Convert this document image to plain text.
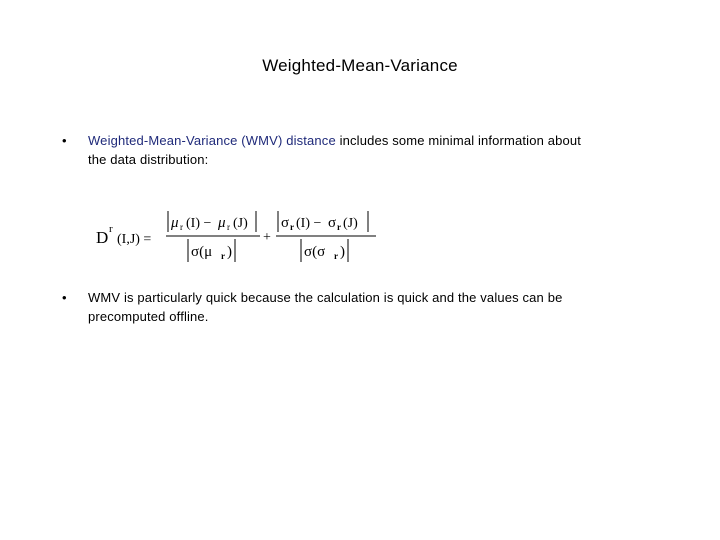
Weighted-Mean-Variance
• Weighted-Mean-Variance (WMV) distance includes some minimal information about
the data distribution:
D r
(I,J) =
μ r (I) − μ r (J)
σ(μ r )
+
σ r (I) − σ r (J)
σ(σ r )
• WMV is particularly quick because the calculation is quick and the values can be
precomputed offline.
